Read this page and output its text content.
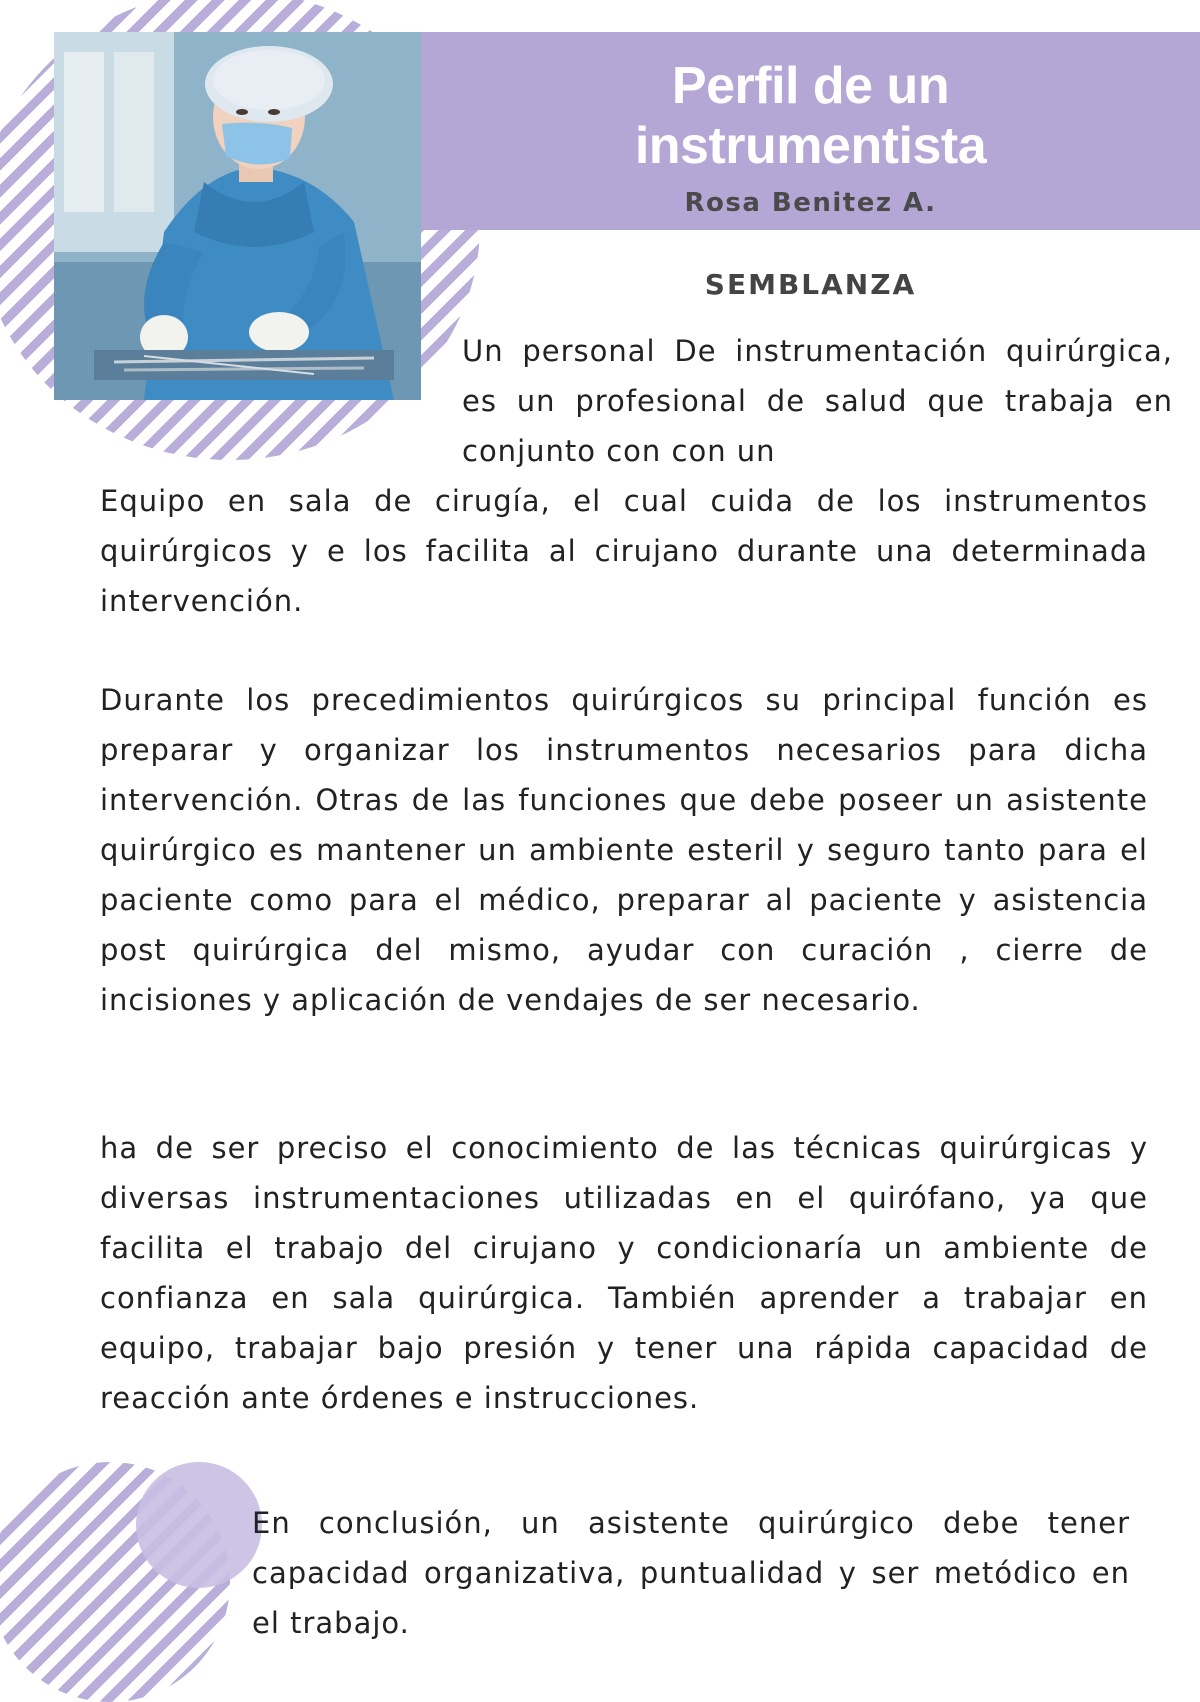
Perfil de un
instrumentista
Rosa Benitez A.
SEMBLANZA

Un personal De instrumentación quirúrgica, es un profesional de salud que trabaja en conjunto con con un

Equipo en sala de cirugía, el cual cuida de los instrumentos quirúrgicos y e los facilita al cirujano durante una determinada intervención.

Durante los precedimientos quirúrgicos su principal función es preparar y organizar los instrumentos necesarios para dicha intervención. Otras de las funciones que debe poseer un asistente quirúrgico es mantener un ambiente esteril y seguro tanto para el paciente como para el médico, preparar al paciente y asistencia post quirúrgica del mismo, ayudar con curación , cierre de incisiones y aplicación de vendajes de ser necesario.

ha de ser preciso el conocimiento de las técnicas quirúrgicas y diversas instrumentaciones utilizadas en el quirófano, ya que facilita el trabajo del cirujano y condicionaría un ambiente de confianza en sala quirúrgica. También aprender a trabajar en equipo, trabajar bajo presión y tener una rápida capacidad de reacción ante órdenes e instrucciones.

En conclusión, un asistente quirúrgico debe tener capacidad organizativa, puntualidad y ser metódico en el trabajo.
